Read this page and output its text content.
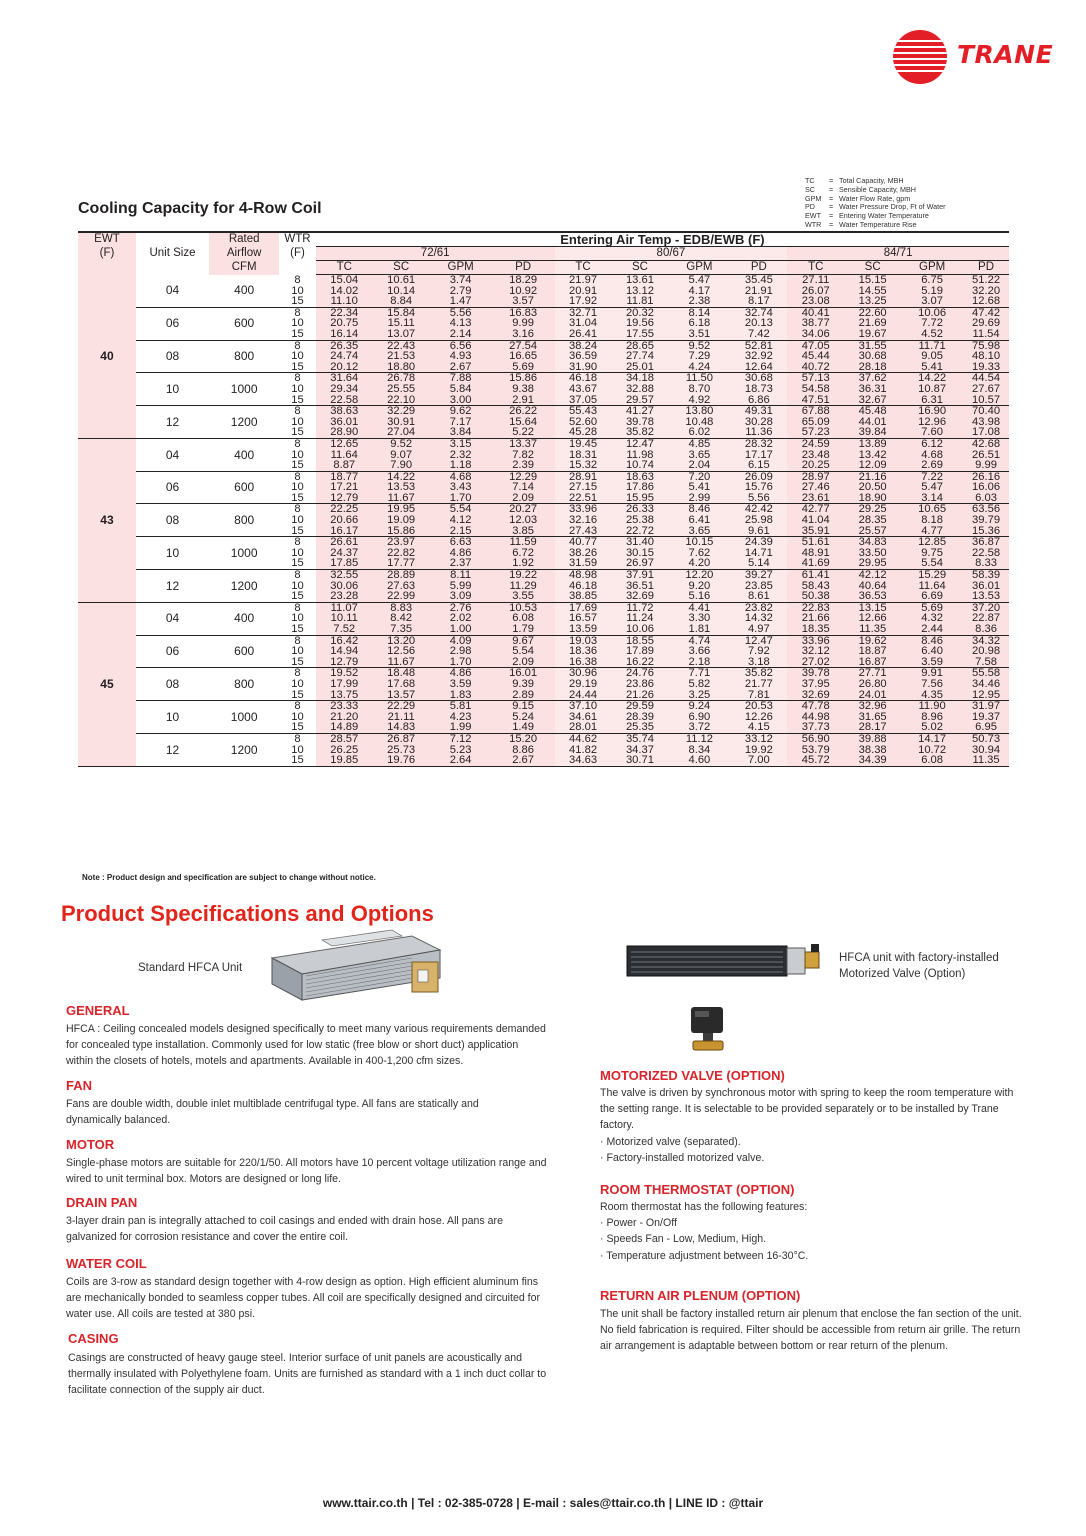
TRANE
TC = Total Capacity, MBH
SC = Sensible Capacity, MBH
GPM = Water Flow Rate, gpm
PD = Water Pressure Drop, Ft of Water
EWT = Entering Water Temperature
WTR = Water Temperature Rise
Cooling Capacity for 4-Row Coil
EWT	Unit Size	Rated	WTR	Entering Air Temp - EDB/EWB (F)											
(F)		Airflow	(F)	72/61				80/67				84/71			
		CFM		TC	SC	GPM	PD	TC	SC	GPM	PD	TC	SC	GPM	PD
40	04	400	8	15.04	10.61	3.74	18.29	21.97	13.61	5.47	35.45	27.11	15.15	6.75	51.22
			10	14.02	10.14	2.79	10.92	20.91	13.12	4.17	21.91	26.07	14.55	5.19	32.20
			15	11.10	8.84	1.47	3.57	17.92	11.81	2.38	8.17	23.08	13.25	3.07	12.68
	06	600	8	22.34	15.84	5.56	16.83	32.71	20.32	8.14	32.74	40.41	22.60	10.06	47.42
			10	20.75	15.11	4.13	9.99	31.04	19.56	6.18	20.13	38.77	21.69	7.72	29.69
			15	16.14	13.07	2.14	3.16	26.41	17.55	3.51	7.42	34.06	19.67	4.52	11.54
	08	800	8	26.35	22.43	6.56	27.54	38.24	28.65	9.52	52.81	47.05	31.55	11.71	75.98
			10	24.74	21.53	4.93	16.65	36.59	27.74	7.29	32.92	45.44	30.68	9.05	48.10
			15	20.12	18.80	2.67	5.69	31.90	25.01	4.24	12.64	40.72	28.18	5.41	19.33
	10	1000	8	31.64	26.78	7.88	15.86	46.18	34.18	11.50	30.68	57.13	37.62	14.22	44.54
			10	29.34	25.55	5.84	9.38	43.67	32.88	8.70	18.73	54.58	36.31	10.87	27.67
			15	22.58	22.10	3.00	2.91	37.05	29.57	4.92	6.86	47.51	32.67	6.31	10.57
	12	1200	8	38.63	32.29	9.62	26.22	55.43	41.27	13.80	49.31	67.88	45.48	16.90	70.40
			10	36.01	30.91	7.17	15.64	52.60	39.78	10.48	30.28	65.09	44.01	12.96	43.98
			15	28.90	27.04	3.84	5.22	45.28	35.82	6.02	11.36	57.23	39.84	7.60	17.08
43	04	400	8	12.65	9.52	3.15	13.37	19.45	12.47	4.85	28.32	24.59	13.89	6.12	42.68
			10	11.64	9.07	2.32	7.82	18.31	11.98	3.65	17.17	23.48	13.42	4.68	26.51
			15	8.87	7.90	1.18	2.39	15.32	10.74	2.04	6.15	20.25	12.09	2.69	9.99
	06	600	8	18.77	14.22	4.68	12.29	28.91	18.63	7.20	26.09	28.97	21.16	7.22	26.16
			10	17.21	13.53	3.43	7.14	27.15	17.86	5.41	15.76	27.46	20.50	5.47	16.06
			15	12.79	11.67	1.70	2.09	22.51	15.95	2.99	5.56	23.61	18.90	3.14	6.03
	08	800	8	22.25	19.95	5.54	20.27	33.96	26.33	8.46	42.42	42.77	29.25	10.65	63.56
			10	20.66	19.09	4.12	12.03	32.16	25.38	6.41	25.98	41.04	28.35	8.18	39.79
			15	16.17	15.86	2.15	3.85	27.43	22.72	3.65	9.61	35.91	25.57	4.77	15.36
	10	1000	8	26.61	23.97	6.63	11.59	40.77	31.40	10.15	24.39	51.61	34.83	12.85	36.87
			10	24.37	22.82	4.86	6.72	38.26	30.15	7.62	14.71	48.91	33.50	9.75	22.58
			15	17.85	17.77	2.37	1.92	31.59	26.97	4.20	5.14	41.69	29.95	5.54	8.33
	12	1200	8	32.55	28.89	8.11	19.22	48.98	37.91	12.20	39.27	61.41	42.12	15.29	58.39
			10	30.06	27.63	5.99	11.29	46.18	36.51	9.20	23.85	58.43	40.64	11.64	36.01
			15	23.28	22.99	3.09	3.55	38.85	32.69	5.16	8.61	50.38	36.53	6.69	13.53
45	04	400	8	11.07	8.83	2.76	10.53	17.69	11.72	4.41	23.82	22.83	13.15	5.69	37.20
			10	10.11	8.42	2.02	6.08	16.57	11.24	3.30	14.32	21.66	12.66	4.32	22.87
			15	7.52	7.35	1.00	1.79	13.59	10.06	1.81	4.97	18.35	11.35	2.44	8.36
	06	600	8	16.42	13.20	4.09	9.67	19.03	18.55	4.74	12.47	33.96	19.62	8.46	34.32
			10	14.94	12.56	2.98	5.54	18.36	17.89	3.66	7.92	32.12	18.87	6.40	20.98
			15	12.79	11.67	1.70	2.09	16.38	16.22	2.18	3.18	27.02	16.87	3.59	7.58
	08	800	8	19.52	18.48	4.86	16.01	30.96	24.76	7.71	35.82	39.78	27.71	9.91	55.58
			10	17.99	17.68	3.59	9.39	29.19	23.86	5.82	21.77	37.95	26.80	7.56	34.46
			15	13.75	13.57	1.83	2.89	24.44	21.26	3.25	7.81	32.69	24.01	4.35	12.95
	10	1000	8	23.33	22.29	5.81	9.15	37.10	29.59	9.24	20.53	47.78	32.96	11.90	31.97
			10	21.20	21.11	4.23	5.24	34.61	28.39	6.90	12.26	44.98	31.65	8.96	19.37
			15	14.89	14.83	1.99	1.49	28.01	25.35	3.72	4.15	37.73	28.17	5.02	6.95
	12	1200	8	28.57	26.87	7.12	15.20	44.62	35.74	11.12	33.12	56.90	39.88	14.17	50.73
			10	26.25	25.73	5.23	8.86	41.82	34.37	8.34	19.92	53.79	38.38	10.72	30.94
			15	19.85	19.76	2.64	2.67	34.63	30.71	4.60	7.00	45.72	34.39	6.08	11.35
Note : Product design and specification are subject to change without notice.
Product Specifications and Options
Standard HFCA Unit
HFCA unit with factory-installed
Motorized Valve (Option)
GENERAL
HFCA : Ceiling concealed models designed specifically to meet many various requirements demanded for concealed type installation. Commonly used for low static (free blow or short duct) application within the closets of hotels, motels and apartments. Available in 400-1,200 cfm sizes.
FAN
Fans are double width, double inlet multiblade centrifugal type. All fans are statically and dynamically balanced.
MOTOR
Single-phase motors are suitable for 220/1/50. All motors have 10 percent voltage utilization range and wired to unit terminal box. Motors are designed or long life.
DRAIN PAN
3-layer drain pan is integrally attached to coil casings and ended with drain hose. All pans are galvanized for corrosion resistance and cover the entire coil.
WATER COIL
Coils are 3-row as standard design together with 4-row design as option. High efficient aluminum fins are mechanically bonded to seamless copper tubes. All coil are specifically designed and circuited for water use. All coils are tested at 380 psi.
CASING
Casings are constructed of heavy gauge steel. Interior surface of unit panels are acoustically and thermally insulated with Polyethylene foam. Units are furnished as standard with a 1 inch duct collar to facilitate connection of the supply air duct.
MOTORIZED VALVE (OPTION)
The valve is driven by synchronous motor with spring to keep the room temperature with the setting range. It is selectable to be provided separately or to be installed by Trane factory.
· Motorized valve (separated).
· Factory-installed motorized valve.
ROOM THERMOSTAT (OPTION)
Room thermostat has the following features:
· Power - On/Off
· Speeds Fan - Low, Medium, High.
· Temperature adjustment between 16-30°C.
RETURN AIR PLENUM (OPTION)
The unit shall be factory installed return air plenum that enclose the fan section of the unit. No field fabrication is required. Filter should be accessible from return air grille. The return air arrangement is adaptable between bottom or rear return of the plenum.
www.ttair.co.th | Tel : 02-385-0728 | E-mail : sales@ttair.co.th | LINE ID : @ttair
